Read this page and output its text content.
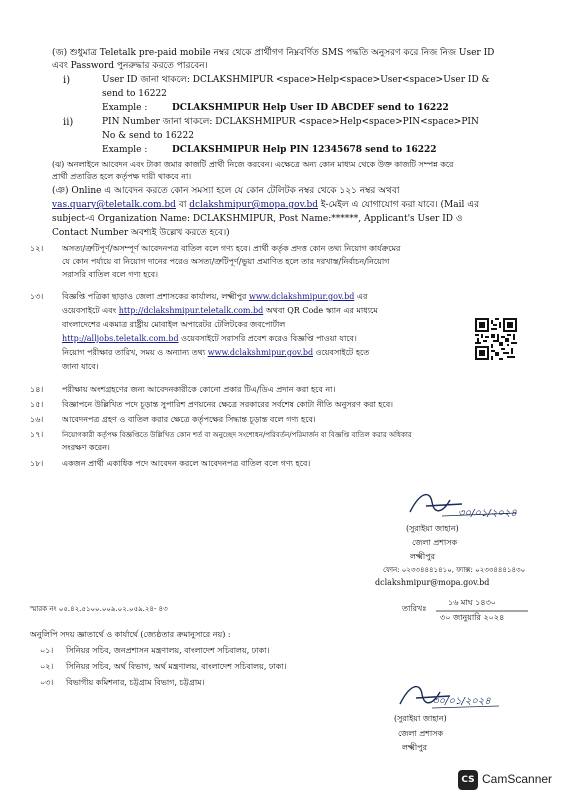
(জ) শুধুমাত্র Teletalk pre-paid mobile নম্বর থেকে প্রার্থীগণ নিম্নবর্ণিত SMS পদ্ধতি অনুসরণ করে নিজ নিজ User ID
এবং Password পুনরুদ্ধার করতে পারবেন।
i)	User ID জানা থাকলে: DCLAKSHMIPUR <space>Help<space>User<space>User ID &
send to 16222
Example :	DCLAKSHMIPUR Help User ID ABCDEF send to 16222
ii)	PIN Number জানা থাকলে: DCLAKSHMIPUR <space>Help<space>PIN<space>PIN
No & send to 16222
Example :	DCLAKSHMIPUR Help PIN 12345678 send to 16222
(ঝ) অনলাইনে আবেদন এবং টাকা জমার কাজটি প্রার্থী নিজে করবেন। এক্ষেত্রে অন্য কোন মাধ্যম থেকে উক্ত কাজটি সম্পন্ন করে
প্রার্থী প্রতারিত হলে কর্তৃপক্ষ দায়ী থাকবে না।
(ঞ) Online এ আবেদন করতে কোন সমস্যা হলে যে কোন টেলিটক নম্বর থেকে ১২১ নম্বর অথবা
vas.quary@teletalk.com.bd বা dclakshmipur@mopa.gov.bd ই-মেইল এ যোগাযোগ করা যাবে। (Mail এর
subject-এ Organization Name: DCLAKSHMIPUR, Post Name:******, Applicant's User ID ও
Contact Number অবশ্যই উল্লেখ করতে হবে।)
১২। অসত্য/ত্রুটিপূর্ণ/অসম্পূর্ণ আবেদনপত্র বাতিল বলে গণ্য হবে। প্রার্থী কর্তৃক প্রদত্ত কোন তথ্য নিয়োগ কার্যক্রমের
যে কোন পর্যায়ে বা নিয়োগ দানের পরেও অসত্য/ত্রুটিপূর্ণ/ভুয়া প্রমাণিত হলে তার দরখাস্ত/নির্বাচন/নিয়োগ
সরাসরি বাতিল বলে গণ্য হবে।
১৩। বিজ্ঞপ্তি পত্রিকা ছাড়াও জেলা প্রশাসকের কার্যালয়, লক্ষ্মীপুর www.dclakshmipur.gov.bd এর
ওয়েবসাইটে এবং http://dclakshmipur.teletalk.com.bd অথবা QR Code স্ক্যান এর মাধ্যমে
বাংলাদেশের একমাত্র রাষ্ট্রীয় মোবাইল অপারেটর টেলিটকের জবপোর্টাল
http://alljobs.teletalk.com.bd ওয়েবসাইটে সরাসরি প্রবেশ করেও বিজ্ঞপ্তি পাওয়া যাবে।
নিয়োগ পরীক্ষার তারিখ, সময় ও অন্যান্য তথ্য www.dclakshmipur.gov.bd ওয়েবসাইটে হতে
জানা যাবে।
১৪। পরীক্ষায় অংশগ্রহণের জন্য আবেদনকারীকে কোনো প্রকার টিএ/ডিএ প্রদান করা হবে না।
১৫। বিজ্ঞাপনে উল্লিখিত পদে চূড়ান্ত সুপারিশ প্রণয়নের ক্ষেত্রে সরকারের সর্বশেষ কোটা নীতি অনুসরণ করা হবে।
১৬। আবেদনপত্র গ্রহণ ও বাতিল করার ক্ষেত্রে কর্তৃপক্ষের সিদ্ধান্ত চূড়ান্ত বলে গণ্য হবে।
১৭।	নিয়োগকারী কর্তৃপক্ষ বিজ্ঞপ্তিতে উল্লিখিত কোন শর্ত বা অনুচ্ছেদ সংশোধন/পরিবর্তন/পরিমার্জন বা বিজ্ঞপ্তি বাতিল করার অধিকার
সংরক্ষণ করেন।
১৮। একজন প্রার্থী একাধিক পদে আবেদন করলে আবেদনপত্র বাতিল বলে গণ্য হবে।
৩০/০১/২০২৪
(সুরাইয়া জাহান)
জেলা প্রশাসক
লক্ষ্মীপুর
ফোন: ০২৩৩৪৪৪১৪১০, ফ্যাক্স: ০২৩৩৪৪৪১৪৩০
dclakshmipur@mopa.gov.bd
স্মারক নং ০৫.৪২.৫১০০.০০৯.০২.০৫৯.২৪- ৪৩	তারিখঃ
১৬ মাঘ ১৪৩০
৩০ জানুয়ারি ২০২৪
অনুলিপি সদয় জ্ঞাতার্থে ও কার্যার্থে (জ্যেষ্ঠতার ক্রমানুসারে নয়) :
০১। সিনিয়র সচিব, জনপ্রশাসন মন্ত্রণালয়, বাংলাদেশ সচিবালয়, ঢাকা।
০২। সিনিয়র সচিব, অর্থ বিভাগ, অর্থ মন্ত্রণালয়, বাংলাদেশ সচিবালয়, ঢাকা।
০৩। বিভাগীয় কমিশনার, চট্টগ্রাম বিভাগ, চট্টগ্রাম।
৩০/০১/২০২৪
(সুরাইয়া জাহান)
জেলা প্রশাসক
লক্ষ্মীপুর
CS CamScanner
